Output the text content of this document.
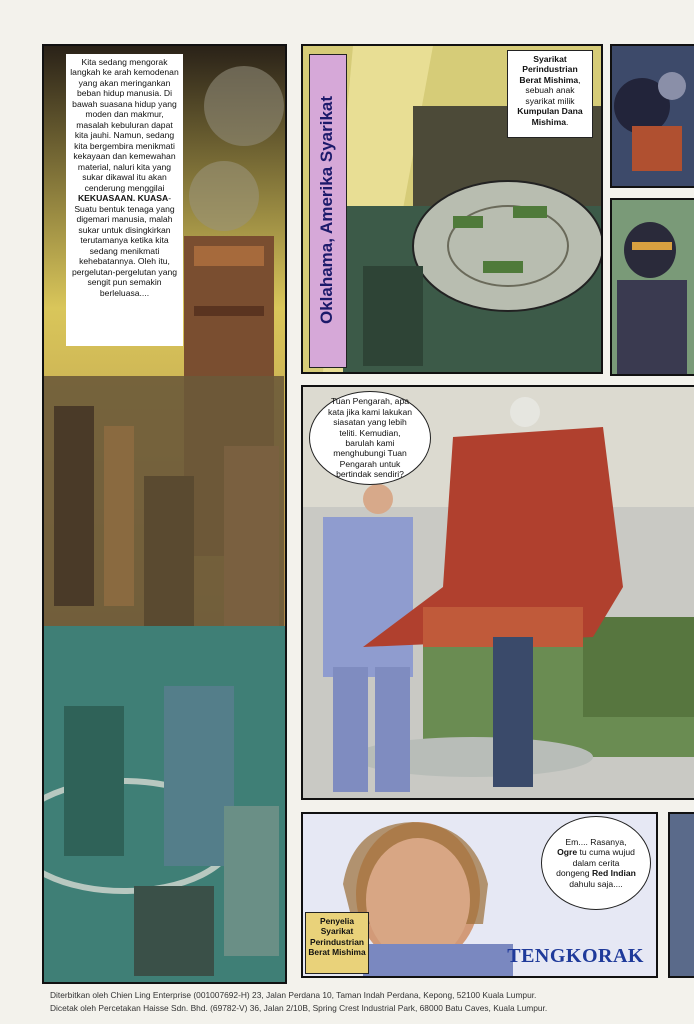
Kita sedang mengorak langkah ke arah kemodenan yang akan meringankan beban hidup manusia. Di bawah suasana hidup yang moden dan makmur, masalah kebuluran dapat kita jauhi. Namun, sedang kita bergembira menikmati kekayaan dan kemewahan material, naluri kita yang sukar dikawal itu akan cenderung menggilai KEKUASAAN. KUASA- Suatu bentuk tenaga yang digemari manusia, malah sukar untuk disingkirkan terutamanya ketika kita sedang menikmati kehebatannya. Oleh itu, pergelutan-pergelutan yang sengit pun semakin berleluasa....	Oklahama, Amerika Syarikat
Syarikat Perindustrian Berat Mishima, sebuah anak syarikat milik Kumpulan Dana Mishima.
Tuan Pengarah, apa kata jika kami lakukan siasatan yang lebih teliti. Kemudian, barulah kami menghubungi Tuan Pengarah untuk bertindak sendiri?
Em.... Rasanya, Ogre tu cuma wujud dalam cerita dongeng Red Indian dahulu saja....
Penyelia Syarikat Perindustrian Berat Mishima	TENGKORAK
Diterbitkan oleh Chien Ling Enterprise (001007692-H) 23, Jalan Perdana 10, Taman Indah Perdana, Kepong, 52100 Kuala Lumpur.
Dicetak oleh Percetakan Haisse Sdn. Bhd. (69782-V) 36, Jalan 2/10B, Spring Crest Industrial Park, 68000 Batu Caves, Kuala Lumpur.
